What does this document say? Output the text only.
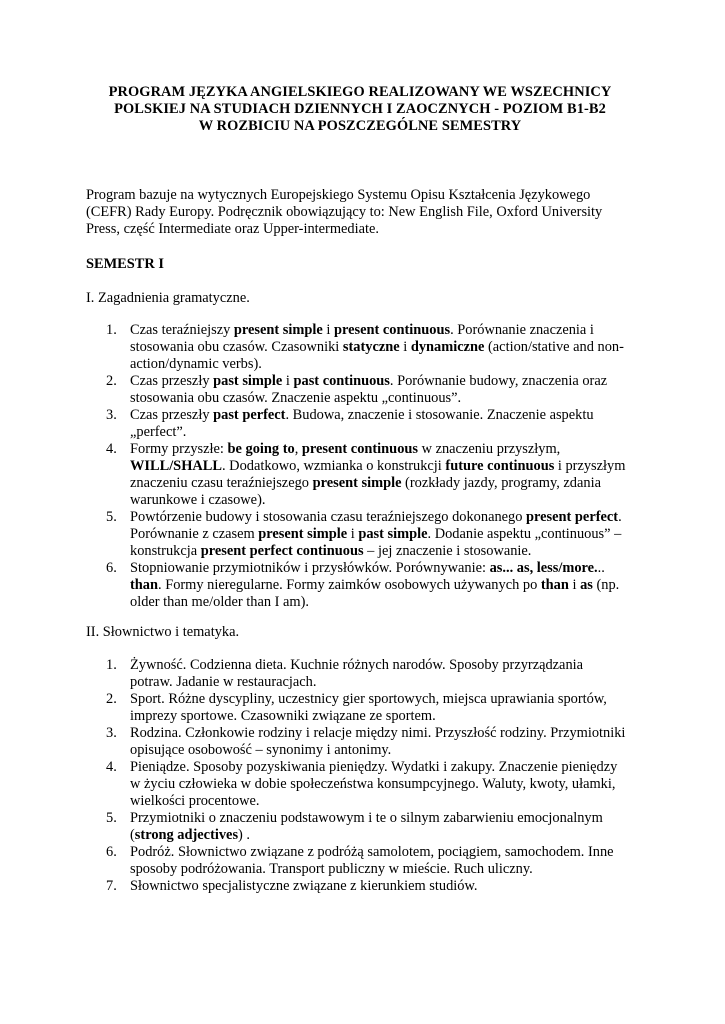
PROGRAM JĘZYKA ANGIELSKIEGO REALIZOWANY WE WSZECHNICY
POLSKIEJ NA STUDIACH DZIENNYCH I ZAOCZNYCH - POZIOM B1-B2
W ROZBICIU NA POSZCZEGÓLNE SEMESTRY
Program bazuje na wytycznych Europejskiego Systemu Opisu Kształcenia Językowego
(CEFR) Rady Europy. Podręcznik obowiązujący to: New English File, Oxford University
Press, część Intermediate oraz Upper-intermediate.
SEMESTR I
I. Zagadnienia gramatyczne.
1. Czas teraźniejszy present simple i present continuous. Porównanie znaczenia i
stosowania obu czasów. Czasowniki statyczne i dynamiczne (action/stative and non-
action/dynamic verbs).
2. Czas przeszły past simple i past continuous. Porównanie budowy, znaczenia oraz
stosowania obu czasów. Znaczenie aspektu „continuous”.
3. Czas przeszły past perfect. Budowa, znaczenie i stosowanie. Znaczenie aspektu
„perfect”.
4. Formy przyszłe: be going to, present continuous w znaczeniu przyszłym,
WILL/SHALL. Dodatkowo, wzmianka o konstrukcji future continuous i przyszłym
znaczeniu czasu teraźniejszego present simple (rozkłady jazdy, programy, zdania
warunkowe i czasowe).
5. Powtórzenie budowy i stosowania czasu teraźniejszego dokonanego present perfect.
Porównanie z czasem present simple i past simple. Dodanie aspektu „continuous” –
konstrukcja present perfect continuous – jej znaczenie i stosowanie.
6. Stopniowanie przymiotników i przysłówków. Porównywanie: as... as, less/more...
than. Formy nieregularne. Formy zaimków osobowych używanych po than i as (np.
older than me/older than I am).
II. Słownictwo i tematyka.
1. Żywność. Codzienna dieta. Kuchnie różnych narodów. Sposoby przyrządzania
potraw. Jadanie w restauracjach.
2. Sport. Różne dyscypliny, uczestnicy gier sportowych, miejsca uprawiania sportów,
imprezy sportowe. Czasowniki związane ze sportem.
3. Rodzina. Członkowie rodziny i relacje między nimi. Przyszłość rodziny. Przymiotniki
opisujące osobowość – synonimy i antonimy.
4. Pieniądze. Sposoby pozyskiwania pieniędzy. Wydatki i zakupy. Znaczenie pieniędzy
w życiu człowieka w dobie społeczeństwa konsumpcyjnego. Waluty, kwoty, ułamki,
wielkości procentowe.
5. Przymiotniki o znaczeniu podstawowym i te o silnym zabarwieniu emocjonalnym
(strong adjectives) .
6. Podróż. Słownictwo związane z podróżą samolotem, pociągiem, samochodem. Inne
sposoby podróżowania. Transport publiczny w mieście. Ruch uliczny.
7. Słownictwo specjalistyczne związane z kierunkiem studiów.
